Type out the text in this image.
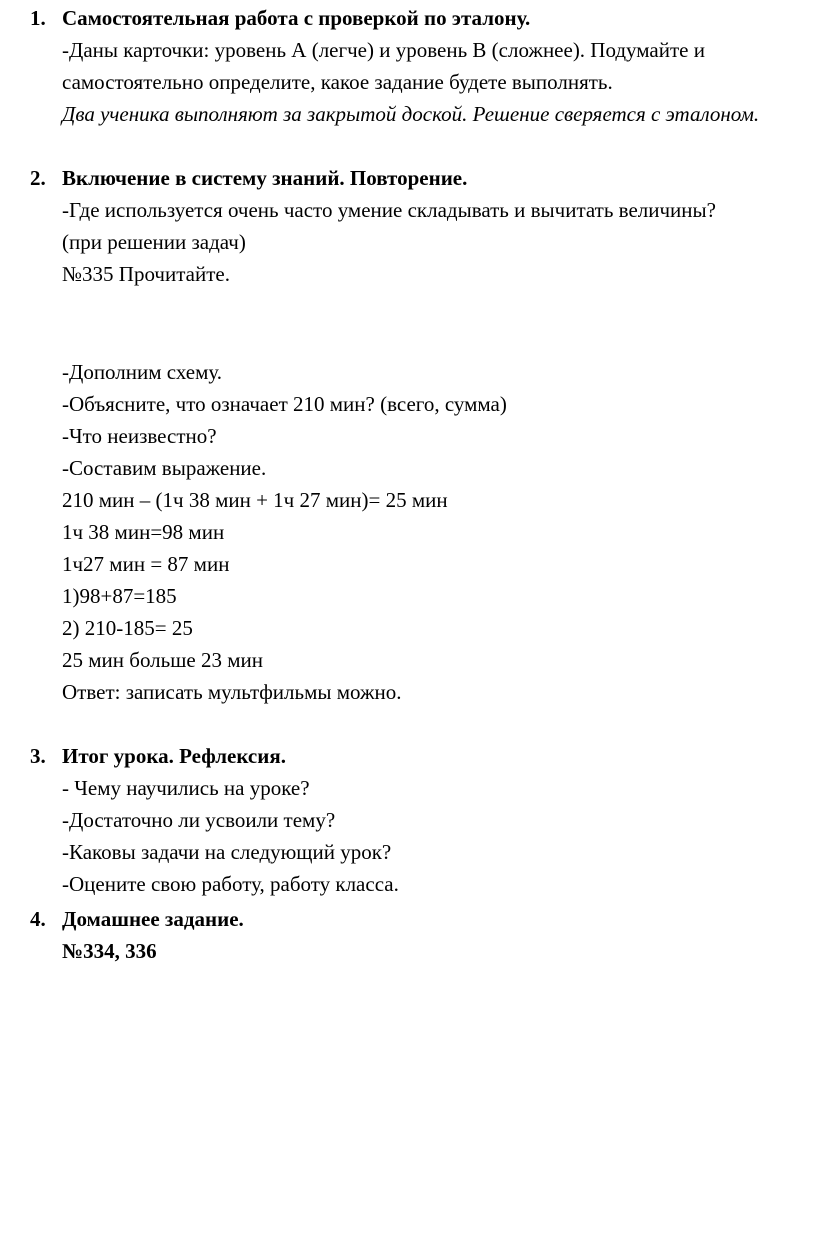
1. Самостоятельная работа с проверкой по эталону.

-Даны карточки: уровень А (легче) и уровень В (сложнее). Подумайте и самостоятельно определите, какое задание будете выполнять.

Два ученика выполняют за закрытой доской. Решение сверяется с эталоном.

2. Включение в систему знаний. Повторение.

-Где используется очень часто умение складывать и вычитать величины? (при решении задач)

№335 Прочитайте.

-Дополним схему.

-Объясните, что означает 210 мин? (всего, сумма)

-Что неизвестно?

-Составим выражение.

210 мин – (1ч 38 мин + 1ч 27 мин)= 25 мин

1ч 38 мин=98 мин

1ч27 мин = 87 мин

1)98+87=185

2) 210-185= 25

25 мин больше 23 мин

Ответ: записать мультфильмы можно.

3. Итог урока. Рефлексия.

- Чему научились на уроке?

-Достаточно ли усвоили тему?

-Каковы задачи на следующий урок?

-Оцените свою работу, работу класса.

4. Домашнее задание.

№334, 336
